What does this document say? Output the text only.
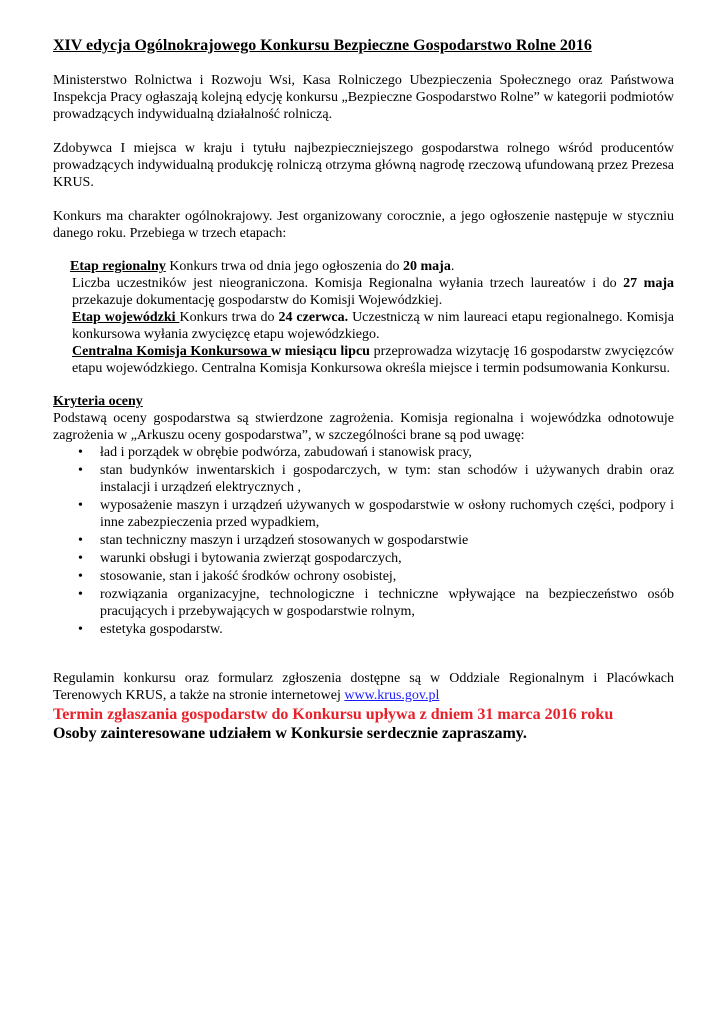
XIV edycja Ogólnokrajowego Konkursu Bezpieczne Gospodarstwo Rolne 2016

Ministerstwo Rolnictwa i Rozwoju Wsi, Kasa Rolniczego Ubezpieczenia Społecznego oraz Państwowa Inspekcja Pracy ogłaszają kolejną edycję konkursu „Bezpieczne Gospodarstwo Rolne” w kategorii podmiotów prowadzących indywidualną działalność rolniczą.

Zdobywca I miejsca w kraju i tytułu najbezpieczniejszego gospodarstwa rolnego wśród producentów prowadzących indywidualną produkcję rolniczą otrzyma główną nagrodę rzeczową ufundowaną przez Prezesa KRUS.

Konkurs ma charakter ogólnokrajowy. Jest organizowany corocznie, a jego ogłoszenie następuje w styczniu danego roku. Przebiega w trzech etapach:

Etap regionalny Konkurs trwa od dnia jego ogłoszenia do 20 maja.

Liczba uczestników jest nieograniczona. Komisja Regionalna wyłania trzech laureatów i do 27 maja przekazuje dokumentację gospodarstw do Komisji Wojewódzkiej.

Etap wojewódzki Konkurs trwa do 24 czerwca. Uczestniczą w nim laureaci etapu regionalnego. Komisja konkursowa wyłania zwycięzcę etapu wojewódzkiego.

Centralna Komisja Konkursowa w miesiącu lipcu przeprowadza wizytację 16 gospodarstw zwycięzców etapu wojewódzkiego. Centralna Komisja Konkursowa określa miejsce i termin podsumowania Konkursu.

Kryteria oceny

Podstawą oceny gospodarstwa są stwierdzone zagrożenia. Komisja regionalna i wojewódzka odnotowuje zagrożenia w „Arkuszu oceny gospodarstwa”, w szczególności brane są pod uwagę:

• ład i porządek w obrębie podwórza, zabudowań i stanowisk pracy,
• stan budynków inwentarskich i gospodarczych, w tym: stan schodów i używanych drabin oraz instalacji i urządzeń elektrycznych ,
• wyposażenie maszyn i urządzeń używanych w gospodarstwie w osłony ruchomych części, podpory i inne zabezpieczenia przed wypadkiem,
• stan techniczny maszyn i urządzeń stosowanych w gospodarstwie
• warunki obsługi i bytowania zwierząt gospodarczych,
• stosowanie, stan i jakość środków ochrony osobistej,
• rozwiązania organizacyjne, technologiczne i techniczne wpływające na bezpieczeństwo osób pracujących i przebywających w gospodarstwie rolnym,
• estetyka gospodarstw.

Regulamin konkursu oraz formularz zgłoszenia dostępne są w Oddziale Regionalnym i Placówkach Terenowych KRUS, a także na stronie internetowej www.krus.gov.pl

Termin zgłaszania gospodarstw do Konkursu upływa z dniem 31 marca 2016 roku
Osoby zainteresowane udziałem w Konkursie serdecznie zapraszamy.
